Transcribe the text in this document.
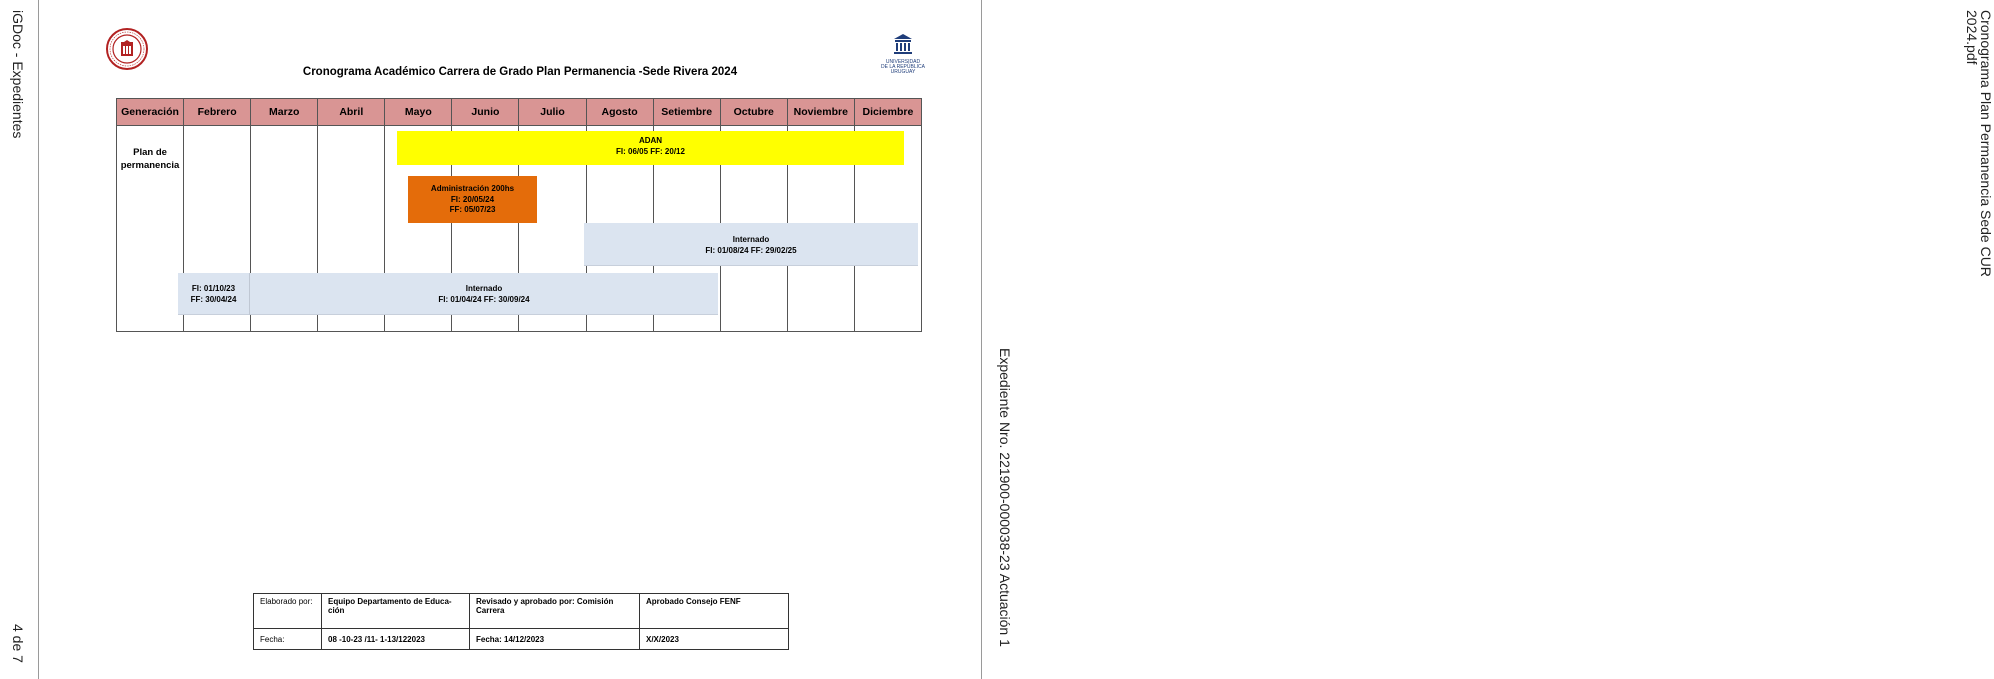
iGDoc - Expedientes
4 de 7
Cronograma Plan Permanencia Sede CUR
2024.pdf
Expediente Nro. 221900-000038-23 Actuación 1
UNIVERSIDAD
DE LA REPÚBLICA
URUGUAY
Cronograma Académico Carrera de Grado Plan Permanencia -Sede Rivera 2024
Generación	Febrero	Marzo	Abril	Mayo	Junio	Julio	Agosto	Setiembre	Octubre	Noviembre	Diciembre

Plan de
permanencia											

ADAN
FI: 06/05 FF: 20/12
Administración 200hs
FI: 20/05/24
FF: 05/07/23
Internado
FI: 01/08/24 FF: 29/02/25
FI: 01/10/23
FF: 30/04/24
Internado
FI: 01/04/24 FF: 30/09/24
Elaborado por:	Equipo Departamento de Educa-ción	Revisado y aprobado por: Comisión Carrera	Aprobado Consejo FENF
Fecha:	08 -10-23 /11- 1-13/122023	Fecha: 14/12/2023	X/X/2023
